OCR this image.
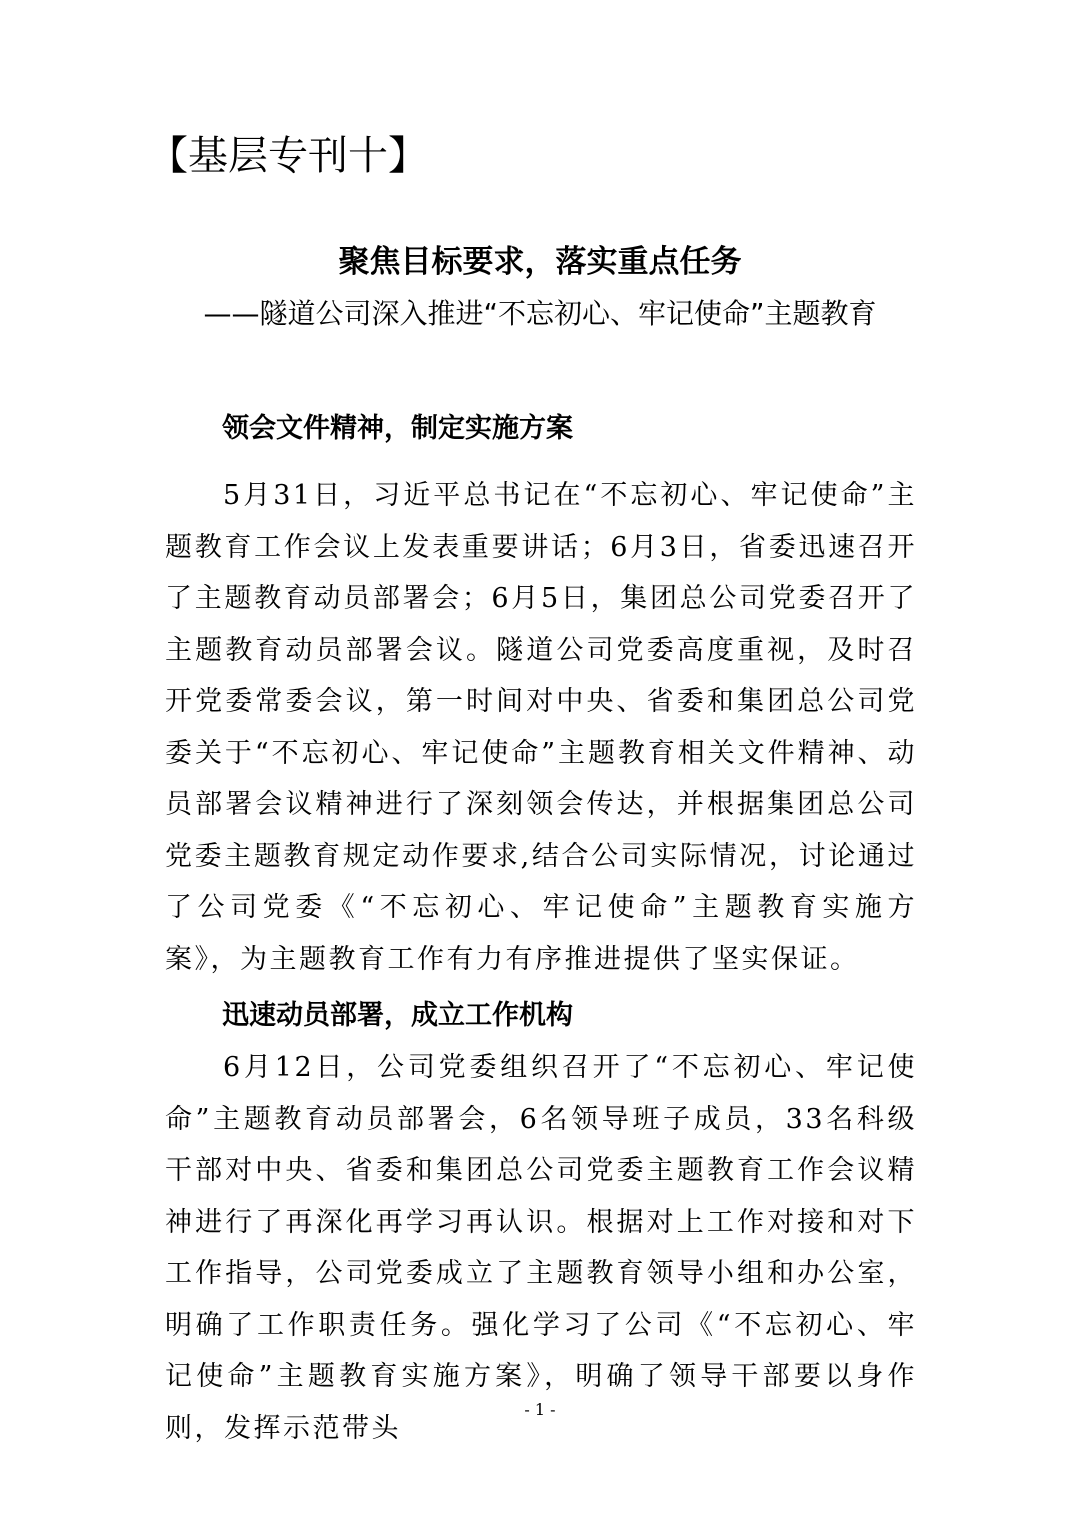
【基层专刊十】
聚焦目标要求，落实重点任务
——隧道公司深入推进“不忘初心、牢记使命”主题教育
领会文件精神，制定实施方案

5月31日，习近平总书记在“不忘初心、牢记使命”主题教育工作会议上发表重要讲话；6月3日，省委迅速召开了主题教育动员部署会；6月5日，集团总公司党委召开了主题教育动员部署会议。隧道公司党委高度重视，及时召开党委常委会议，第一时间对中央、省委和集团总公司党委关于“不忘初心、牢记使命”主题教育相关文件精神、动员部署会议精神进行了深刻领会传达，并根据集团总公司党委主题教育规定动作要求,结合公司实际情况，讨论通过了公司党委《“不忘初心、牢记使命”主题教育实施方案》，为主题教育工作有力有序推进提供了坚实保证。

迅速动员部署，成立工作机构

6月12日，公司党委组织召开了“不忘初心、牢记使命”主题教育动员部署会，6名领导班子成员，33名科级干部对中央、省委和集团总公司党委主题教育工作会议精神进行了再深化再学习再认识。根据对上工作对接和对下工作指导，公司党委成立了主题教育领导小组和办公室，明确了工作职责任务。强化学习了公司《“不忘初心、牢记使命”主题教育实施方案》，明确了领导干部要以身作则，发挥示范带头

- 1 -
